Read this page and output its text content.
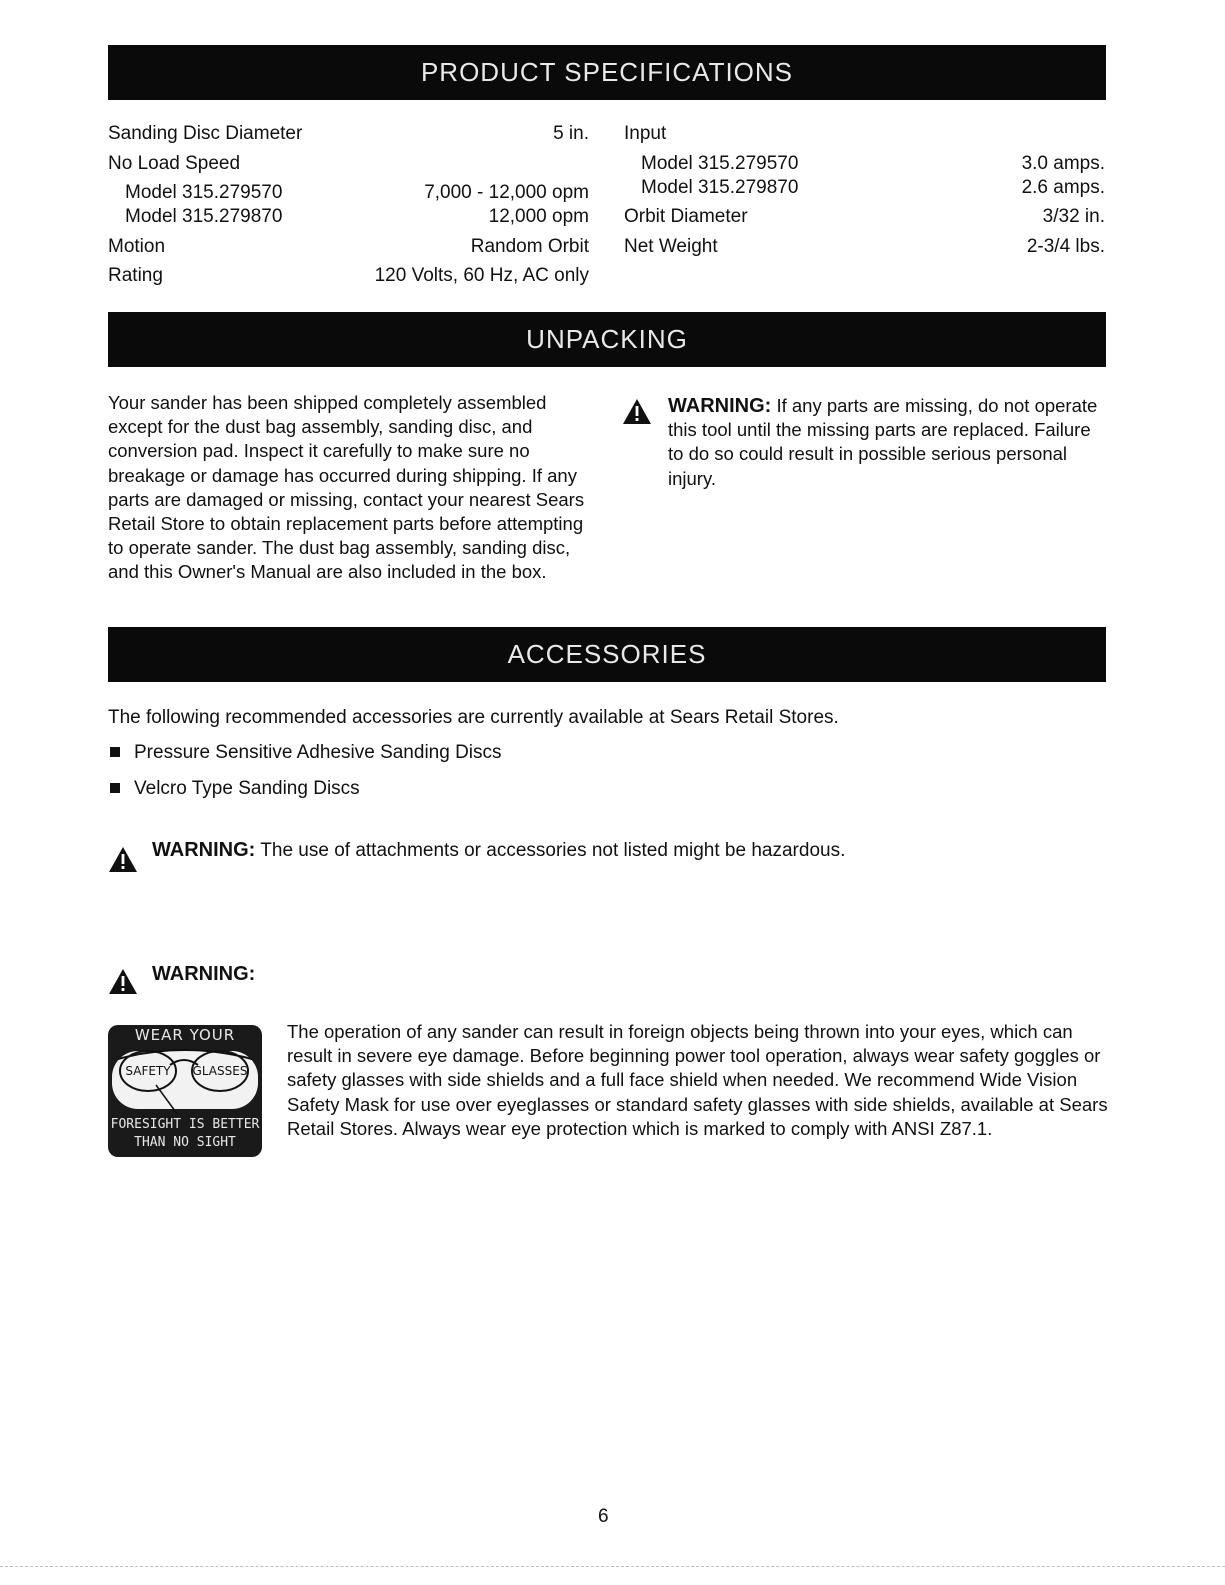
PRODUCT SPECIFICATIONS
Sanding Disc Diameter	5 in.
No Load Speed
Model 315.279570	7,000 - 12,000 opm
Model 315.279870	12,000 opm
Motion	Random Orbit
Rating	120 Volts, 60 Hz, AC only
Input
Model 315.279570	3.0 amps.
Model 315.279870	2.6 amps.
Orbit Diameter	3/32 in.
Net Weight	2-3/4 lbs.
UNPACKING
Your sander has been shipped completely assembled except for the dust bag assembly, sanding disc, and conversion pad. Inspect it carefully to make sure no breakage or damage has occurred during shipping. If any parts are damaged or missing, contact your nearest Sears Retail Store to obtain replacement parts before attempting to operate sander. The dust bag assembly, sanding disc, and this Owner's Manual are also included in the box.
WARNING: If any parts are missing, do not operate this tool until the missing parts are replaced. Failure to do so could result in possible serious personal injury.
ACCESSORIES
The following recommended accessories are currently available at Sears Retail Stores.
Pressure Sensitive Adhesive Sanding Discs
Velcro Type Sanding Discs
WARNING: The use of attachments or accessories not listed might be hazardous.
WARNING:
WEAR YOUR
SAFETY GLASSES
FORESIGHT IS BETTER
THAN NO SIGHT
The operation of any sander can result in foreign objects being thrown into your eyes, which can result in severe eye damage. Before beginning power tool operation, always wear safety goggles or safety glasses with side shields and a full face shield when needed. We recommend Wide Vision Safety Mask for use over eyeglasses or standard safety glasses with side shields, available at Sears Retail Stores. Always wear eye protection which is marked to comply with ANSI Z87.1.
6
